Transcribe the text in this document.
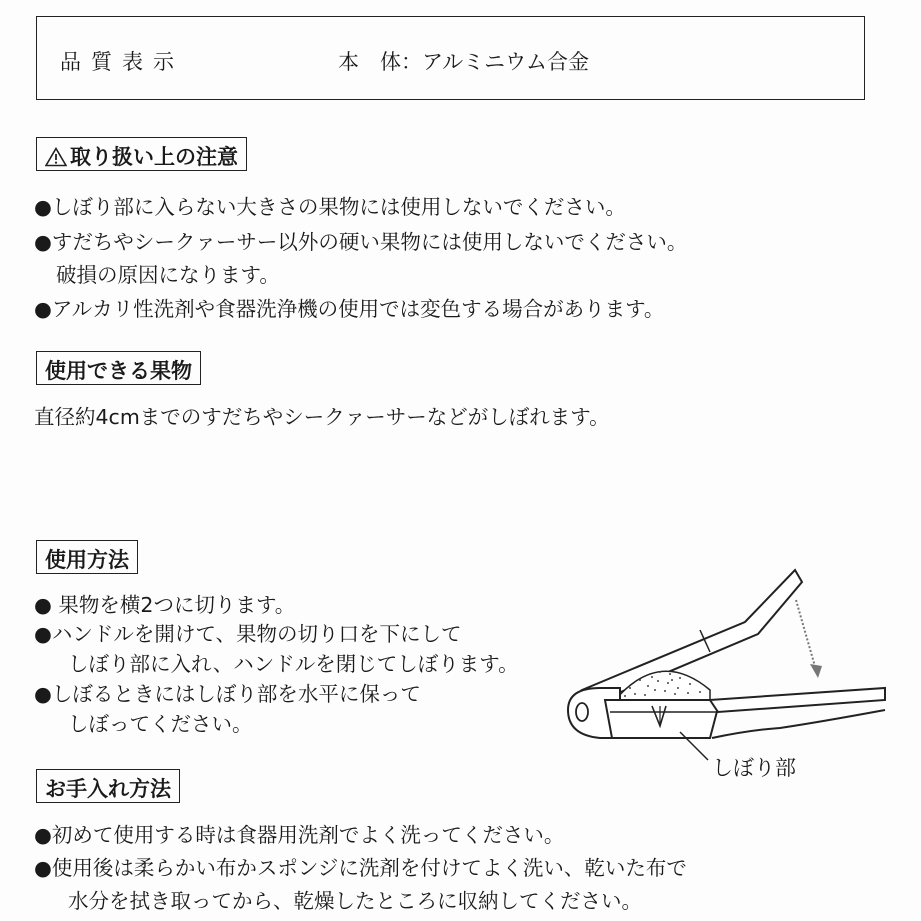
品質表示	本　体：アルミニウム合金
取り扱い上の注意
●しぼり部に入らない大きさの果物には使用しないでください。
●すだちやシークァーサー以外の硬い果物には使用しないでください。
破損の原因になります。
●アルカリ性洗剤や食器洗浄機の使用では変色する場合があります。
使用できる果物
直径約4cmまでのすだちやシークァーサーなどがしぼれます。
使用方法
● 果物を横2つに切ります。
●ハンドルを開けて、果物の切り口を下にして
しぼり部に入れ、ハンドルを閉じてしぼります。
●しぼるときにはしぼり部を水平に保って
しぼってください。
しぼり部
お手入れ方法
●初めて使用する時は食器用洗剤でよく洗ってください。
●使用後は柔らかい布かスポンジに洗剤を付けてよく洗い、乾いた布で
水分を拭き取ってから、乾燥したところに収納してください。
